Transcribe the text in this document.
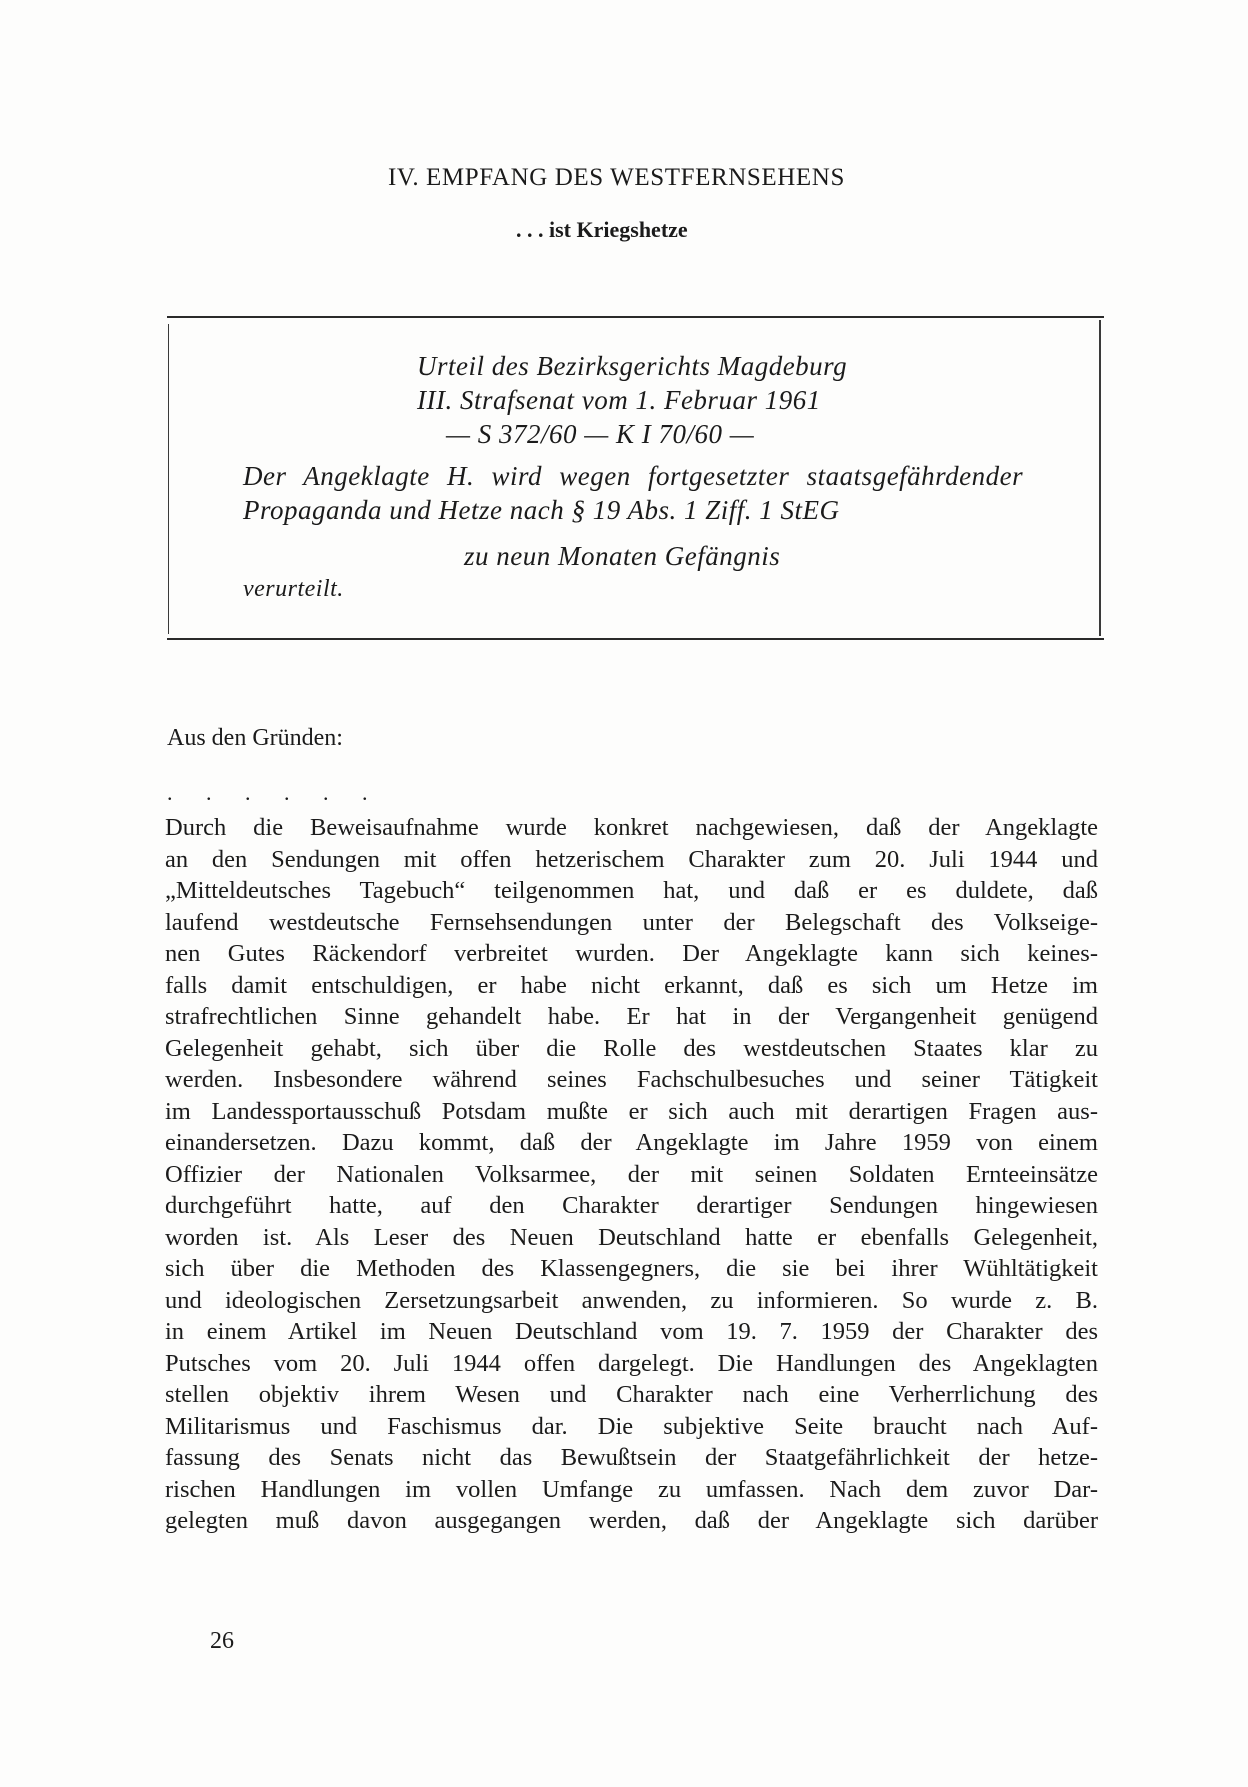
IV. EMPFANG DES WESTFERNSEHENS
. . . ist Kriegshetze
Urteil des Bezirksgerichts Magdeburg
III. Strafsenat vom 1. Februar 1961
— S 372/60 — K I 70/60 —
Der Angeklagte H. wird wegen fortgesetzter staatsgefährdender
Propaganda und Hetze nach § 19 Abs. 1 Ziff. 1 StEG
zu neun Monaten Gefängnis
verurteilt.
Aus den Gründen:
. . . . . .
Durch die Beweisaufnahme wurde konkret nachgewiesen, daß der Angeklagte
an den Sendungen mit offen hetzerischem Charakter zum 20. Juli 1944 und
„Mitteldeutsches Tagebuch“ teilgenommen hat, und daß er es duldete, daß
laufend westdeutsche Fernsehsendungen unter der Belegschaft des Volkseige-
nen Gutes Räckendorf verbreitet wurden. Der Angeklagte kann sich keines-
falls damit entschuldigen, er habe nicht erkannt, daß es sich um Hetze im
strafrechtlichen Sinne gehandelt habe. Er hat in der Vergangenheit genügend
Gelegenheit gehabt, sich über die Rolle des westdeutschen Staates klar zu
werden. Insbesondere während seines Fachschulbesuches und seiner Tätigkeit
im Landessportausschuß Potsdam mußte er sich auch mit derartigen Fragen aus-
einandersetzen. Dazu kommt, daß der Angeklagte im Jahre 1959 von einem
Offizier der Nationalen Volksarmee, der mit seinen Soldaten Ernteeinsätze
durchgeführt hatte, auf den Charakter derartiger Sendungen hingewiesen
worden ist. Als Leser des Neuen Deutschland hatte er ebenfalls Gelegenheit,
sich über die Methoden des Klassengegners, die sie bei ihrer Wühltätigkeit
und ideologischen Zersetzungsarbeit anwenden, zu informieren. So wurde z. B.
in einem Artikel im Neuen Deutschland vom 19. 7. 1959 der Charakter des
Putsches vom 20. Juli 1944 offen dargelegt. Die Handlungen des Angeklagten
stellen objektiv ihrem Wesen und Charakter nach eine Verherrlichung des
Militarismus und Faschismus dar. Die subjektive Seite braucht nach Auf-
fassung des Senats nicht das Bewußtsein der Staatgefährlichkeit der hetze-
rischen Handlungen im vollen Umfange zu umfassen. Nach dem zuvor Dar-
gelegten muß davon ausgegangen werden, daß der Angeklagte sich darüber
26
